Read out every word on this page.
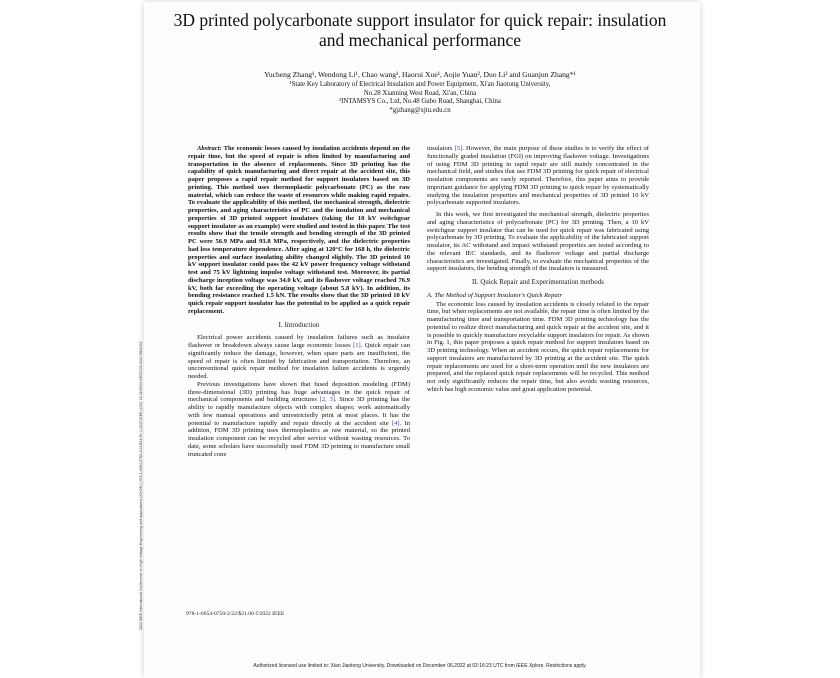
2022 IEEE International Conference on High Voltage Engineering and Applications (ICHVE) | 978-1-6654-0750-2/22/$31.00 ©2022 IEEE | DOI: 10.1109/ICHVE53725.2022.9961392
3D printed polycarbonate support insulator for quick repair: insulation and mechanical performance
Yucheng Zhang¹, Wendong Li¹, Chao wang¹, Haorui Xue¹, Aojie Yuan², Duo Li² and Guanjun Zhang*¹
¹State Key Laboratory of Electrical Insulation and Power Equipment, Xi'an Jiaotong University,
No.28 Xianning West Road, Xi'an, China
²INTAMSYS Co., Ltd, No.48 Gubo Road, Shanghai, China
*gjzhang@xjtu.edu.cn

Abstract: The economic losses caused by insulation accidents depend on the repair time, but the speed of repair is often limited by manufacturing and transportation in the absence of replacements. Since 3D printing has the capability of quick manufacturing and direct repair at the accident site, this paper proposes a rapid repair method for support insulators based on 3D printing. This method uses thermoplastic polycarbonate (PC) as the raw material, which can reduce the waste of resources while making rapid repairs. To evaluate the applicability of this method, the mechanical strength, dielectric properties, and aging characteristics of PC and the insulation and mechanical properties of 3D printed support insulators (taking the 10 kV switchgear support insulator as an example) were studied and tested in this paper. The test results show that the tensile strength and bending strength of the 3D printed PC were 56.9 MPa and 93.8 MPa, respectively, and the dielectric properties had less temperature dependence. After aging at 120°C for 168 h, the dielectric properties and surface insulating ability changed slightly. The 3D printed 10 kV support insulator could pass the 42 kV power frequency voltage withstand test and 75 kV lightning impulse voltage withstand test. Moreover, its partial discharge inception voltage was 34.0 kV, and its flashover voltage reached 76.9 kV, both far exceeding the operating voltage (about 5.8 kV). In addition, its bending resistance reached 1.5 kN. The results show that the 3D printed 10 kV quick repair support insulator has the potential to be applied as a quick repair replacement.

I. Introduction

Electrical power accidents caused by insulation failures such as insulator flashover or breakdown always cause large economic losses [1]. Quick repair can significantly reduce the damage, however, when spare parts are insufficient, the speed of repair is often limited by fabrication and transportation. Therefore, an unconventional quick repair method for insulation failure accidents is urgently needed.

Previous investigations have shown that fused deposition modeling (FDM) three-dimensional (3D) printing has huge advantages in the quick repair of mechanical components and building structures [2, 3]. Since 3D printing has the ability to rapidly manufacture objects with complex shapes; work automatically with few manual operations and unrestrictedly print at most places. It has the potential to manufacture rapidly and repair directly at the accident site [4]. In addition, FDM 3D printing uses thermoplastics as raw material, so the printed insulation component can be recycled after service without wasting resources. To date, some scholars have successfully used FDM 3D printing to manufacture small truncated cone

insulators [5]. However, the main purpose of these studies is to verify the effect of functionally graded insulation (FGI) on improving flashover voltage. Investigations of using FDM 3D printing in rapid repair are still mainly concentrated in the mechanical field, and studies that use FDM 3D printing for quick repair of electrical insulation components are rarely reported. Therefore, this paper aims to provide important guidance for applying FDM 3D printing to quick repair by systematically studying the insulation properties and mechanical properties of 3D printed 10 kV polycarbonate supported insulators.

In this work, we first investigated the mechanical strength, dielectric properties and aging characteristics of polycarbonate (PC) for 3D printing. Then, a 10 kV switchgear support insulator that can be used for quick repair was fabricated using polycarbonate by 3D printing. To evaluate the applicability of the fabricated support insulator, its AC withstand and impact withstand properties are tested according to the relevant IEC standards, and its flashover voltage and partial discharge characteristics are investigated. Finally, to evaluate the mechanical properties of the support insulators, the bending strength of the insulators is measured.

II. Quick Repair and Experimentation methods
A. The Method of Support Insulator's Quick Repair

The economic loss caused by insulation accidents is closely related to the repair time, but when replacements are not available, the repair time is often limited by the manufacturing time and transportation time. FDM 3D printing technology has the potential to realize direct manufacturing and quick repair at the accident site, and it is possible to quickly manufacture recyclable support insulators for repair. As shown in Fig. 1, this paper proposes a quick repair method for support insulators based on 3D printing technology. When an accident occurs, the quick repair replacements for support insulators are manufactured by 3D printing at the accident site. The quick repair replacements are used for a short-term operation until the new insulators are prepared, and the replaced quick repair replacements will be recycled. This method not only significantly reduces the repair time, but also avoids wasting resources, which has high economic value and great application potential.

978-1-6654-0750-2/22/$31.00 ©2022 IEEE
Authorized licensed use limited to: Xian Jiaotong University. Downloaded on December 06,2022 at 02:16:23 UTC from IEEE Xplore. Restrictions apply.
